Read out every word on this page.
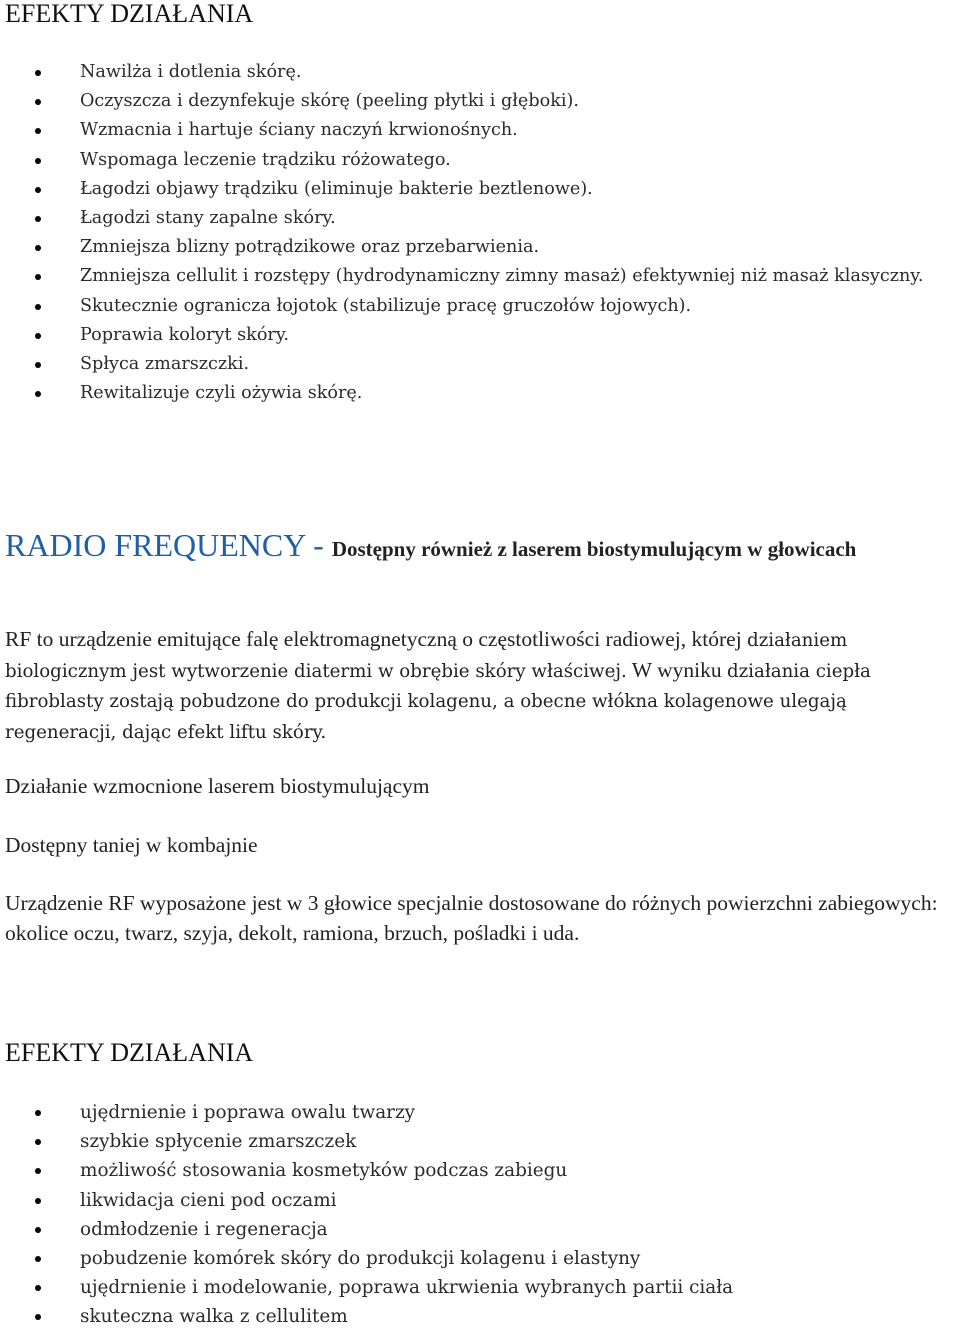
EFEKTY DZIAŁANIA
Nawilża i dotlenia skórę.
Oczyszcza i dezynfekuje skórę (peeling płytki i głęboki).
Wzmacnia i hartuje ściany naczyń krwionośnych.
Wspomaga leczenie trądziku różowatego.
Łagodzi objawy trądziku (eliminuje bakterie beztlenowe).
Łagodzi stany zapalne skóry.
Zmniejsza blizny potrądzikowe oraz przebarwienia.
Zmniejsza cellulit i rozstępy (hydrodynamiczny zimny masaż) efektywniej niż masaż klasyczny.
Skutecznie ogranicza łojotok (stabilizuje pracę gruczołów łojowych).
Poprawia koloryt skóry.
Spłyca zmarszczki.
Rewitalizuje czyli ożywia skórę.
RADIO FREQUENCY - Dostępny również z laserem biostymulującym w głowicach
RF to urządzenie emitujące falę elektromagnetyczną o częstotliwości radiowej, której działaniem biologicznym jest wytworzenie diatermi w obrębie skóry właściwej. W wyniku działania ciepła fibroblasty zostają pobudzone do produkcji kolagenu, a obecne włókna kolagenowe ulegają regeneracji, dając efekt liftu skóry.
Działanie wzmocnione laserem biostymulującym
Dostępny taniej w kombajnie
Urządzenie RF wyposażone jest w 3 głowice specjalnie dostosowane do różnych powierzchni zabiegowych: okolice oczu, twarz, szyja, dekolt, ramiona, brzuch, pośladki i uda.
EFEKTY DZIAŁANIA
ujędrnienie i poprawa owalu twarzy
szybkie spłycenie zmarszczek
możliwość stosowania kosmetyków podczas zabiegu
likwidacja cieni pod oczami
odmłodzenie i regeneracja
pobudzenie komórek skóry do produkcji kolagenu i elastyny
ujędrnienie i modelowanie, poprawa ukrwienia wybranych partii ciała
skuteczna walka z cellulitem
